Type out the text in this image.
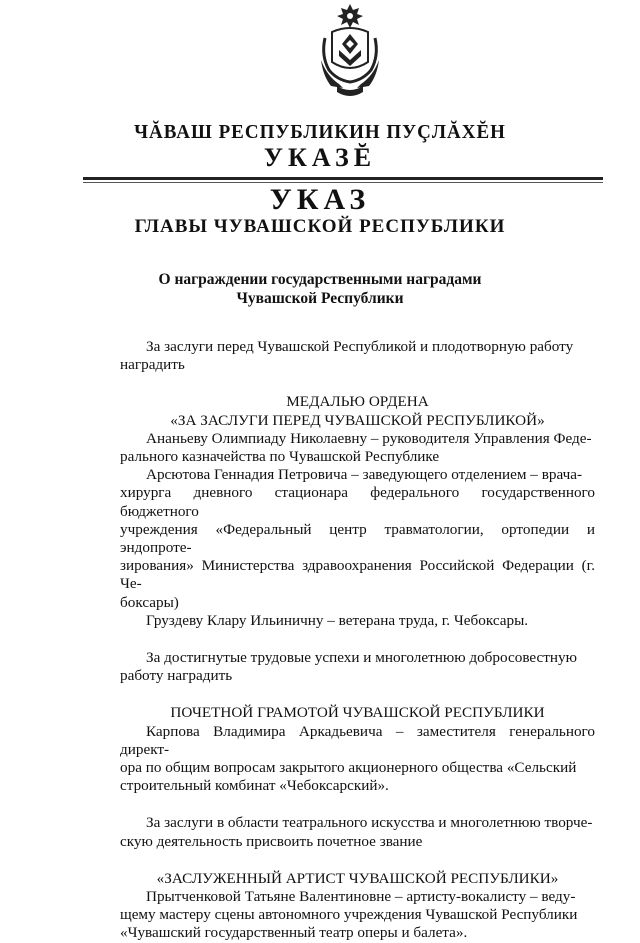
ЧĂВАШ РЕСПУБЛИКИН ПУÇЛĂХĔН
УКАЗĔ
УКАЗ
ГЛАВЫ ЧУВАШСКОЙ РЕСПУБЛИКИ
О награждении государственными наградами
Чувашской Республики

За заслуги перед Чувашской Республикой и плодотворную работу
наградить

МЕДАЛЬЮ ОРДЕНА
«ЗА ЗАСЛУГИ ПЕРЕД ЧУВАШСКОЙ РЕСПУБЛИКОЙ»

Ананьеву Олимпиаду Николаевну – руководителя Управления Феде-
рального казначейства по Чувашской Республике

Арсютова Геннадия Петровича – заведующего отделением – врача-
хирурга дневного стационара федерального государственного бюджетного
учреждения «Федеральный центр травматологии, ортопедии и эндопроте-
зирования» Министерства здравоохранения Российской Федерации (г. Че-
боксары)

Груздеву Клару Ильиничну – ветерана труда, г. Чебоксары.

За достигнутые трудовые успехи и многолетнюю добросовестную
работу наградить

ПОЧЕТНОЙ ГРАМОТОЙ ЧУВАШСКОЙ РЕСПУБЛИКИ

Карпова Владимира Аркадьевича – заместителя генерального директ-
ора по общим вопросам закрытого акционерного общества «Сельский
строительный комбинат «Чебоксарский».

За заслуги в области театрального искусства и многолетнюю творче-
скую деятельность присвоить почетное звание

«ЗАСЛУЖЕННЫЙ АРТИСТ ЧУВАШСКОЙ РЕСПУБЛИКИ»

Прытченковой Татьяне Валентиновне – артисту-вокалисту – веду-
щему мастеру сцены автономного учреждения Чувашской Республики
«Чувашский государственный театр оперы и балета».
